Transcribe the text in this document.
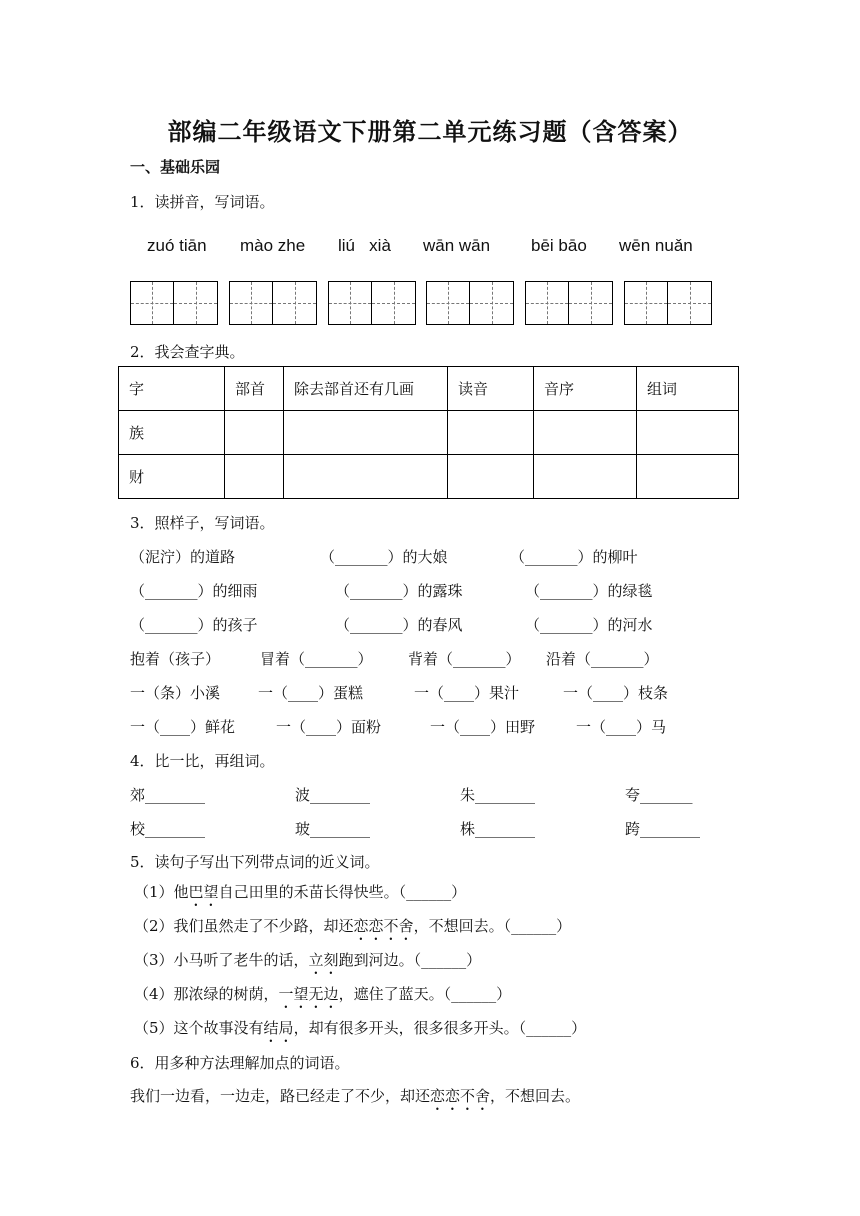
部编二年级语文下册第二单元练习题（含答案）
一、基础乐园
1．读拼音，写词语。
zuó tiān mào zhe liú   xià wān wān bēi bāo wēn nuǎn
2．我会查字典。
字	部首	除去部首还有几画	读音	音序	组词
族					
财					
3．照样子，写词语。
（泥泞）的道路	（_______）的大娘	（_______）的柳叶
（_______）的细雨	（_______）的露珠	（_______）的绿毯
（_______）的孩子	（_______）的春风	（_______）的河水
抱着（孩子）	冒着（_______） 背着（_______） 沿着（_______）
一（条）小溪	一（____）蛋糕	一（____）果汁	一（____）枝条
一（____）鲜花	一（____）面粉	一（____）田野	一（____）马
4．比一比，再组词。
郊________	波________	朱________	夸_______
校________	玻________	株________	跨________
5．读句子写出下列带点词的近义词。
（1）他巴望自己田里的禾苗长得快些。（______）
（2）我们虽然走了不少路，却还恋恋不舍，不想回去。（______）
（3）小马听了老牛的话，立刻跑到河边。（______）
（4）那浓绿的树荫，一望无边，遮住了蓝天。（______）
（5）这个故事没有结局，却有很多开头，很多很多开头。（______）
6．用多种方法理解加点的词语。
我们一边看，一边走，路已经走了不少，却还恋恋不舍，不想回去。
